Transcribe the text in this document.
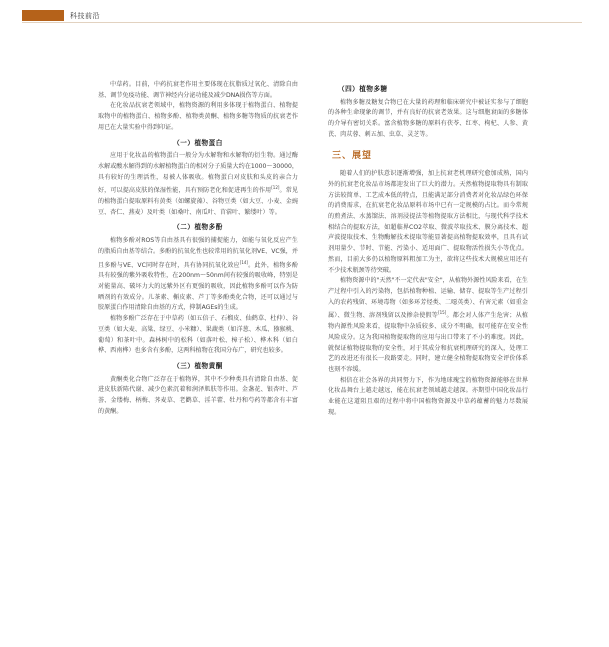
科技前沿

中草药。目前，中药抗衰老作用主要体现在抗脂质过氧化、清除自由基、调节免疫功能、调节神经内分泌功能及减少DNA损伤等方面。

在化妆品抗衰老领域中，植物资源的利用多体现于植物蛋白、植物提取物中的植物蛋白、植物多酚、植物类黄酮、植物多糖等物质的抗衰老作用已在大量实验中得到印证。

（一）植物蛋白

应用于化妆品的植物蛋白一般分为水解物和水解物的衍生物。通过酶水解或酸水解得到的水解植物蛋白的相对分子质量大约在1000～30000，具有较好的生理活性，易被人体吸收。植物蛋白对皮肤和头皮的亲合力好，可以提高皮肤的保湿性能，具有预防老化和促进再生的作用[12]。常见的植物蛋白提取原料有黄类（如螺旋藻）、谷物豆类（如大豆、小麦、金豌豆、杏仁、燕麦）及叶类（如桑叶、南瓜叶、苜蓿叶、繁缕叶）等。

（二）植物多酚

植物多酚对ROS等自由基具有很强的捕捉能力，如能与氧化反应产生的脂质自由基等结合。多酚的抗氧化性也较常用的抗氧化剂VE、VC强，并且多酚与VE、VC同时存在时，具有协同抗氧化效应[14]。此外，植物多酚具有较强的紫外吸收特性，在200nm～50nm间有较强的吸收峰，特别是对能量高、破坏力大的远紫外区有更强的吸收，因此植物多酚可以作为防晒剂的有效成分。儿茶素、槲皮素、芦丁等多酚类化合物，还可以通过与胶原蛋白作用清除自由基的方式，抑制AGEs的生成。

植物多酚广泛存在于中草药（如五倍子、石榴皮、仙鹤草、杜仲）、谷豆类（如大麦、高粱、绿豆、小米糠）、果蔬类（如洋葱、木瓜、猕猴桃、葡萄）和茶叶中。森林树中的松科（如落叶松、樟子松）、桦木科（如白桦、西南桦）也多含有多酚，这两科植物在我国分布广，研究也较多。

（三）植物黄酮

黄酮类化合物广泛存在于植物界，其中不少种类具有清除自由基、促进皮肤新陈代谢、减少色素沉着和润泽肌肤等作用。金盏花、银杏叶、芦荟、金缕梅、柄梅、荠麦草、老鹳草、淫羊藿、牡丹和芍药等都含有丰富的黄酮。

（四）植物多糖

植物多糖及糖复合物已在大量的药理和临床研究中被证实参与了细胞的各种生命现象的调节，并有良好的抗衰老效果。这与细胞衰面的多糖体的介导有密切关系。富含植物多糖的原料有茯苓、红枣、枸杞、人参、黄芪、肉苁蓉、刺五加、虫草、灵芝等。

三、展望

随着人们的护肤意识逐渐增强，加上抗衰老机理研究愈加成熟，国内外的抗衰老化妆品市场都迎发出了巨大的潜力。天然植物提取物具有制取方法较简单、工艺成本低的特点，且能满足部分消费者对化妆品绿色环保的消费需求，在抗衰老化妆品原料市场中已有一定规模的占比。而今常规的煎煮法、水蒸馏法、溶剂浸提法等植物提取方法相比，与现代科学技术相结合的提取方法，如超临界CO2萃取、微波萃取技术、膜分离技术、超声波提取技术、生物酶解技术提取等能显著提高植物提取效率，且具有试剂用量少、节时、节能、污染小、适用面广、提取物活性损失小等优点。然而，目前大多仍以植物原料粗加工为主，欲将这些技术大规模应用还有不少技术瓶颈等待突破。

植物资源中的"天然"不一定代表"安全"，从植物外源性风险来看，在生产过程中引入的污染物，包括植物种植、运输、储存、提取等生产过程引入的农药残留、环境毒物（如多环芳烃类、二噁英类）、有害元素（如重金属）、微生物、溶剂残留以及掺杂使假等[15]。都会对人体产生危害；从植物内源性风险来看，提取物中杂质较多、成分不明确，很可能存在安全性风险成分。这为我国植物提取物的应用与出口带来了不小的难度。因此，就保证植物提取物的安全性，对于其成分和抗衰机理研究的深入，处理工艺的改进还有很长一段路要走。同时，建立健全植物提取物安全评价体系也刻不容缓。

相信在社会各界的共同努力下，作为地球瑰宝的植物资源能够在世界化妆品舞台上越走越远，能在抗衰老领域越走越深。亦期望中国化妆品行业能在这道阻且艰的过程中将中国植物资源及中草药蕴蓄的魅力尽数展现。
